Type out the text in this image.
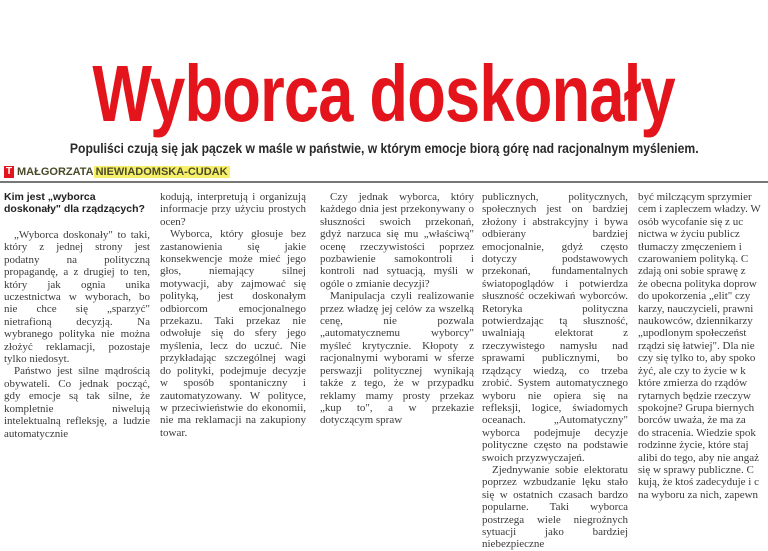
Wyborca doskonały
Populiści czują się jak pączek w maśle w państwie, w którym emocje biorą górę nad racjonalnym myśleniem.
T MAŁGORZATA NIEWIADOMSKA-CUDAK
Kim jest „wyborca doskonały" dla rządzących?

„Wyborca doskonały" to taki, który z jednej strony jest podatny na polityczną propagandę, a z drugiej to ten, który jak ognia unika uczestnictwa w wyborach, bo nie chce się „sparzyć" nietrafioną decyzją. Na wybranego polityka nie można złożyć reklamacji, pozostaje tylko niedosyt.

Państwo jest silne mądrością obywateli. Co jednak począć, gdy emocje są tak silne, że kompletnie niwelują intelektualną refleksję, a ludzie automatycznie

kodują, interpretują i organizują informacje przy użyciu prostych ocen?

Wyborca, który głosuje bez zastanowienia się jakie konsekwencje może mieć jego głos, niemający silnej motywacji, aby zajmować się polityką, jest doskonałym odbiorcom emocjonalnego przekazu. Taki przekaz nie odwołuje się do sfery jego myślenia, lecz do uczuć. Nie przykładając szczególnej wagi do polityki, podejmuje decyzje w sposób spontaniczny i zautomatyzowany. W polityce, w przeciwieństwie do ekonomii, nie ma reklamacji na zakupiony towar.

Czy jednak wyborca, który każdego dnia jest przekonywany o słuszności swoich przekonań, gdyż narzuca się mu „właściwą" ocenę rzeczywistości poprzez pozbawienie samokontroli i kontroli nad sytuacją, myśli w ogóle o zmianie decyzji?

Manipulacja czyli realizowanie przez władzę jej celów za wszelką cenę, nie pozwala „automatycznemu wyborcy" myśleć krytycznie. Kłopoty z racjonalnymi wyborami w sferze perswazji politycznej wynikają także z tego, że w przypadku reklamy mamy prosty przekaz „kup to", a w przekazie dotyczącym spraw

publicznych, politycznych, społecznych jest on bardziej złożony i abstrakcyjny i bywa odbierany bardziej emocjonalnie, gdyż często dotyczy podstawowych przekonań, fundamentalnych światopoglądów i potwierdza słuszność oczekiwań wyborców. Retoryka polityczna potwierdzając tą słuszność, uwalniają elektorat z rzeczywistego namysłu nad sprawami publicznymi, bo rządzący wiedzą, co trzeba zrobić. System automatycznego wyboru nie opiera się na refleksji, logice, świadomych oceanach. „Automatyczny" wyborca podejmuje decyzje polityczne często na podstawie swoich przyzwyczajeń.

Zjednywanie sobie elektoratu poprzez wzbudzanie lęku stało się w ostatnich czasach bardzo popularne. Taki wyborca postrzega wiele niegroźnych sytuacji jako bardziej niebezpieczne

być milczącym sprzymier
cem i zapleczem władzy. W
osób wycofanie się z uc
nictwa w życiu publicz
tłumaczy zmęczeniem i
czarowaniem polityką. C
zdają oni sobie sprawę z
że obecna polityka doprow
do upokorzenia „elit" czy
karzy, nauczycieli, prawni
naukowców, dziennikarzy
„upodlonym społeczeńst
rządzi się łatwiej". Dla nie
czy się tylko to, aby spoko
żyć, ale czy to życie w k
które zmierza do rządów
rytarnych będzie rzeczyw
spokojne? Grupa biernych
borców uważa, że ma za
do stracenia. Wiedzie spok
rodzinne życie, które staj
alibi do tego, aby nie angaż
się w sprawy publiczne. C
kują, że ktoś zadecyduje i c
na wyboru za nich, zapewn
